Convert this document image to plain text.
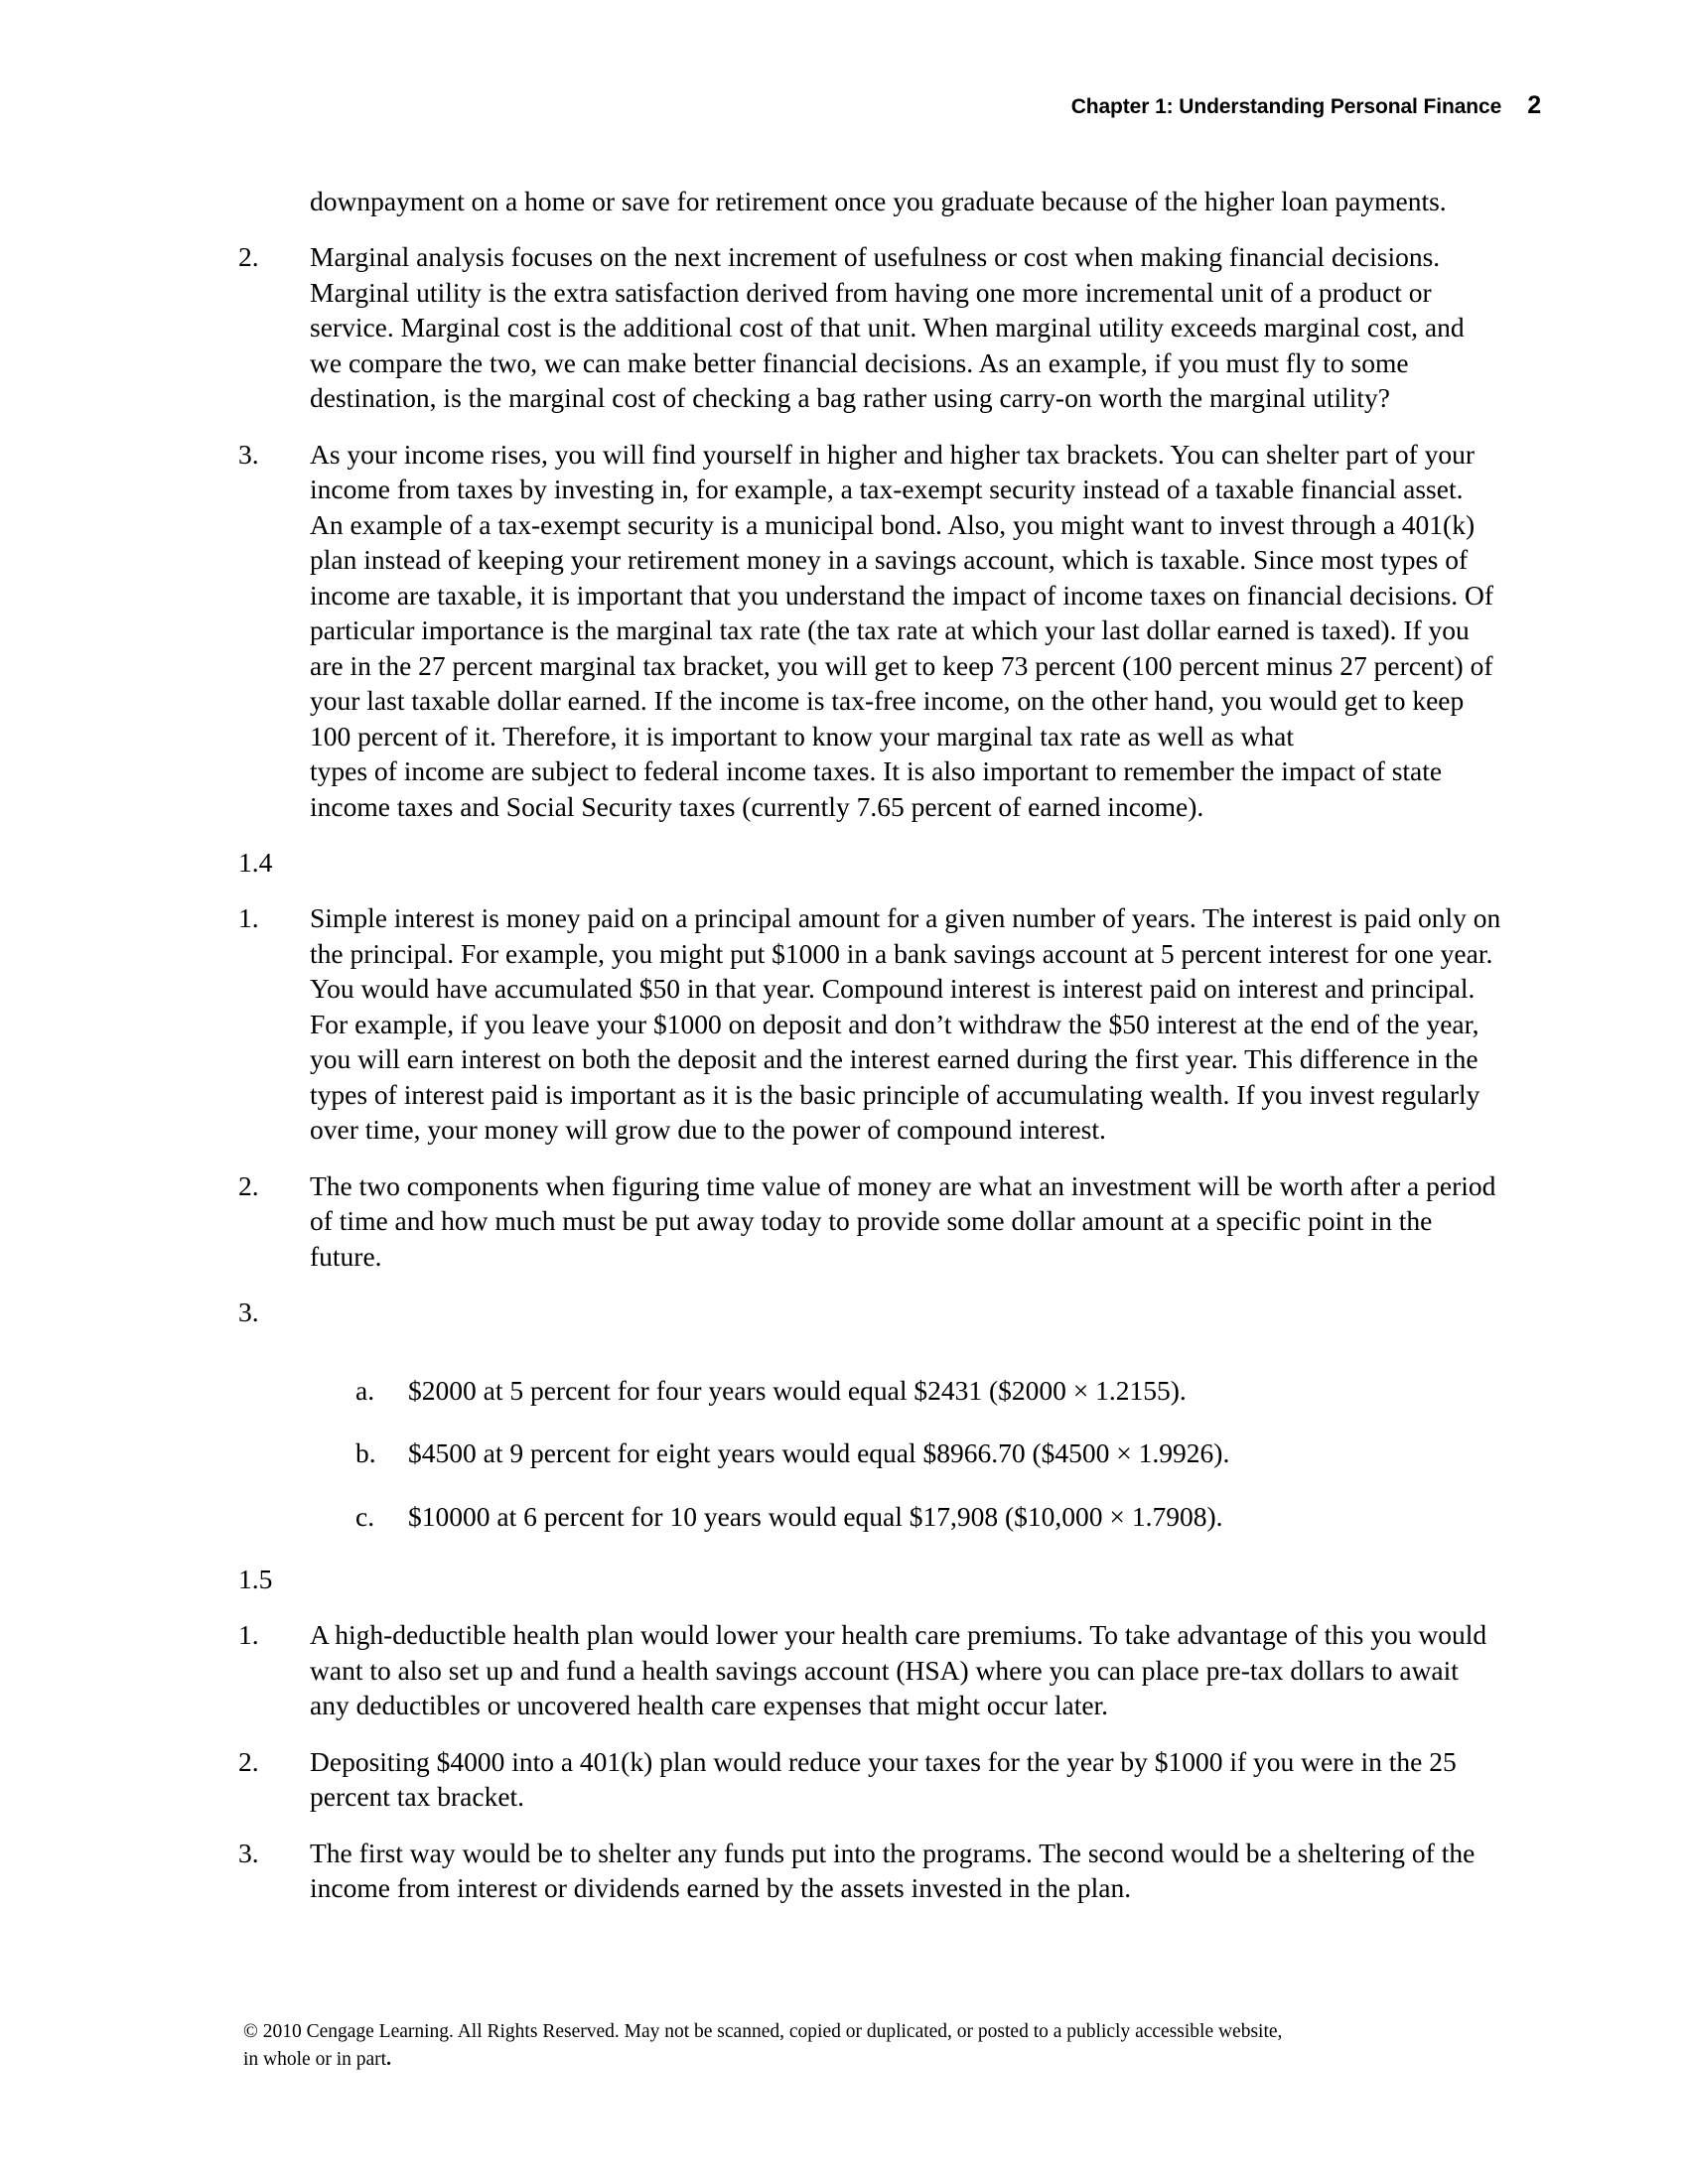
Chapter 1: Understanding Personal Finance 2

downpayment on a home or save for retirement once you graduate because of the higher loan payments.

2.	Marginal analysis focuses on the next increment of usefulness or cost when making financial decisions. Marginal utility is the extra satisfaction derived from having one more incremental unit of a product or service. Marginal cost is the additional cost of that unit. When marginal utility exceeds marginal cost, and we compare the two, we can make better financial decisions. As an example, if you must fly to some destination, is the marginal cost of checking a bag rather using carry-on worth the marginal utility?
3.	As your income rises, you will find yourself in higher and higher tax brackets. You can shelter part of your income from taxes by investing in, for example, a tax-exempt security instead of a taxable financial asset. An example of a tax-exempt security is a municipal bond. Also, you might want to invest through a 401(k) plan instead of keeping your retirement money in a savings account, which is taxable. Since most types of income are taxable, it is important that you understand the impact of income taxes on financial decisions. Of particular importance is the marginal tax rate (the tax rate at which your last dollar earned is taxed). If you are in the 27 percent marginal tax bracket, you will get to keep 73 percent (100 percent minus 27 percent) of your last taxable dollar earned. If the income is tax-free income, on the other hand, you would get to keep 100 percent of it. Therefore, it is important to know your marginal tax rate as well as what
types of income are subject to federal income taxes. It is also important to remember the impact of state income taxes and Social Security taxes (currently 7.65 percent of earned income).
1.4
1.	Simple interest is money paid on a principal amount for a given number of years. The interest is paid only on the principal. For example, you might put $1000 in a bank savings account at 5 percent interest for one year. You would have accumulated $50 in that year. Compound interest is interest paid on interest and principal. For example, if you leave your $1000 on deposit and don’t withdraw the $50 interest at the end of the year, you will earn interest on both the deposit and the interest earned during the first year. This difference in the types of interest paid is important as it is the basic principle of accumulating wealth. If you invest regularly over time, your money will grow due to the power of compound interest.
2.	The two components when figuring time value of money are what an investment will be worth after a period of time and how much must be put away today to provide some dollar amount at a specific point in the future.
3.
a.	$2000 at 5 percent for four years would equal $2431 ($2000 × 1.2155).
b.	$4500 at 9 percent for eight years would equal $8966.70 ($4500 × 1.9926).
c.	$10000 at 6 percent for 10 years would equal $17,908 ($10,000 × 1.7908).
1.5
1.	A high-deductible health plan would lower your health care premiums. To take advantage of this you would want to also set up and fund a health savings account (HSA) where you can place pre-tax dollars to await any deductibles or uncovered health care expenses that might occur later.
2.	Depositing $4000 into a 401(k) plan would reduce your taxes for the year by $1000 if you were in the 25 percent tax bracket.
3.	The first way would be to shelter any funds put into the programs. The second would be a sheltering of the income from interest or dividends earned by the assets invested in the plan.
© 2010 Cengage Learning. All Rights Reserved. May not be scanned, copied or duplicated, or posted to a publicly accessible website,
in whole or in part.
